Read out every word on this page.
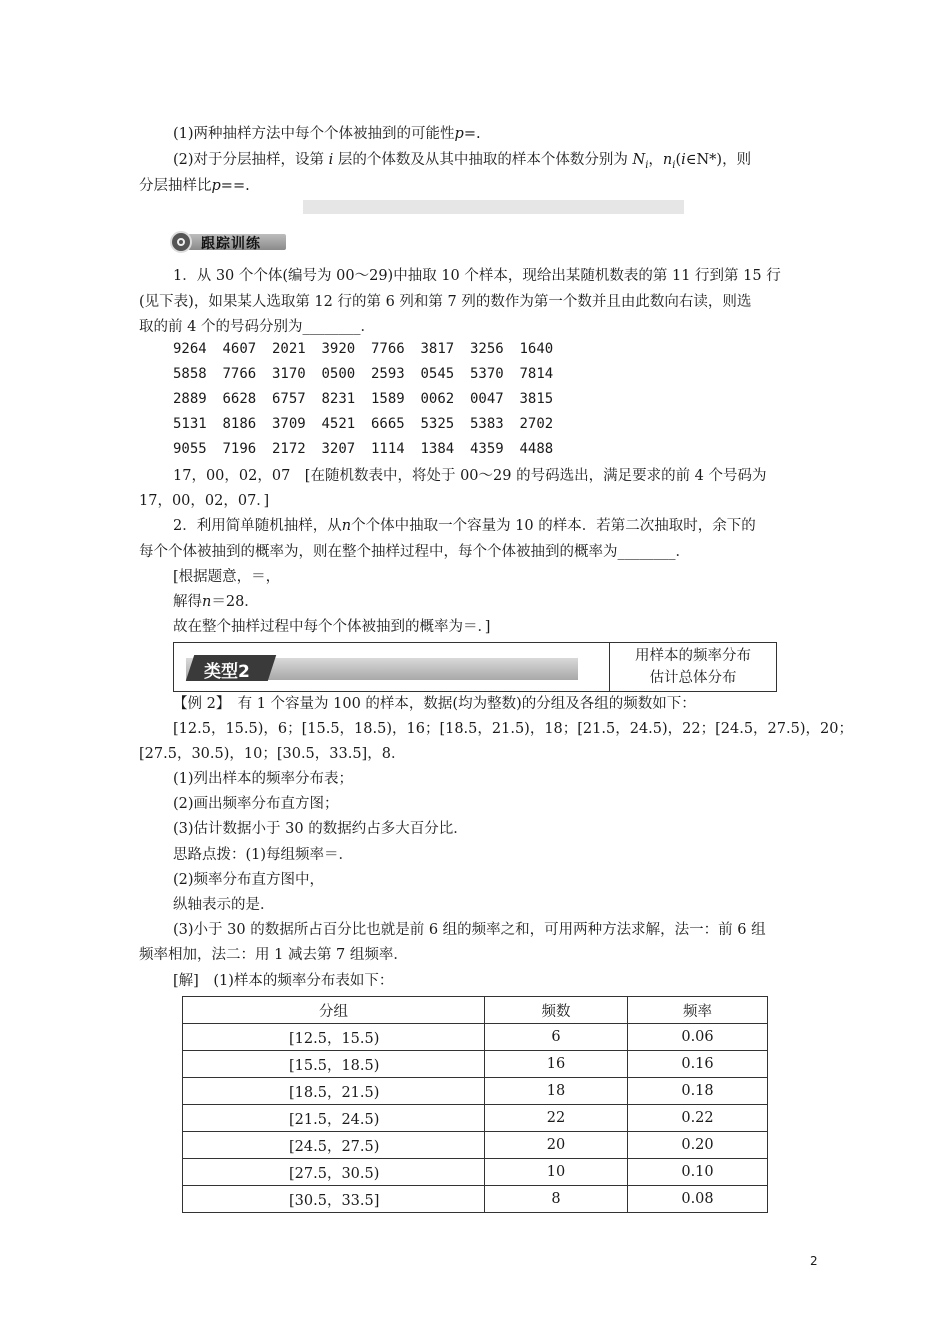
(1)两种抽样方法中每个个体被抽到的可能性p=.
(2)对于分层抽样，设第 i 层的个体数及从其中抽取的样本个体数分别为 $N_i$，$n_i(i\in N*)$，则
分层抽样比p==.
跟踪训练
1．从 30 个个体(编号为 00～29)中抽取 10 个样本，现给出某随机数表的第 11 行到第 15 行
(见下表)，如果某人选取第 12 行的第 6 列和第 7 列的数作为第一个数并且由此数向右读，则选
取的前 4 个的号码分别为________．
9264 4607 2021 3920 7766 3817 3256 1640
5858 7766 3170 0500 2593 0545 5370 7814
2889 6628 6757 8231 1589 0062 0047 3815
5131 8186 3709 4521 6665 5325 5383 2702
9055 7196 2172 3207 1114 1384 4359 4488
17，00，02，07　[在随机数表中，将处于 00～29 的号码选出，满足要求的前 4 个号码为
17，00，02，07．]
2．利用简单随机抽样，从n个个体中抽取一个容量为 10 的样本．若第二次抽取时，余下的
每个个体被抽到的概率为，则在整个抽样过程中，每个个体被抽到的概率为________．
[根据题意，＝，
解得n＝28．
故在整个抽样过程中每个个体被抽到的概率为＝．]
类型2
用样本的频率分布
估计总体分布
【例 2】　有 1 个容量为 100 的样本，数据(均为整数)的分组及各组的频数如下：
[12.5，15.5)，6；[15.5，18.5)，16；[18.5，21.5)，18；[21.5，24.5)，22；[24.5，27.5)，20；
[27.5，30.5)，10；[30.5，33.5]，8．
(1)列出样本的频率分布表；
(2)画出频率分布直方图；
(3)估计数据小于 30 的数据约占多大百分比．
思路点拨：(1)每组频率＝．
(2)频率分布直方图中，
纵轴表示的是．
(3)小于 30 的数据所占百分比也就是前 6 组的频率之和，可用两种方法求解，法一：前 6 组
频率相加，法二：用 1 减去第 7 组频率．
[解]　(1)样本的频率分布表如下：
分组	频数	频率
[12.5，15.5)	6	0.06
[15.5，18.5)	16	0.16
[18.5，21.5)	18	0.18
[21.5，24.5)	22	0.22
[24.5，27.5)	20	0.20
[27.5，30.5)	10	0.10
[30.5，33.5]	8	0.08
2
